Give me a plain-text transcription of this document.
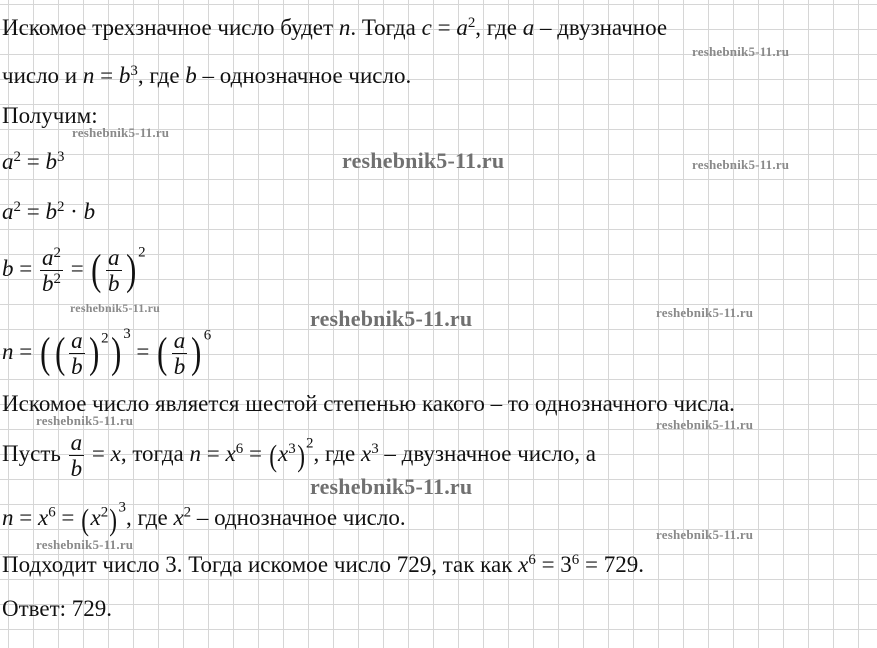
Искомое трехзначное число будет n. Тогда $c = a^2$, где a – двузначное
число и $n = b^3$, где b – однозначное число.
Получим:
$a^2 = b^3$
$a^2 = b^2 \cdot b$
$b = \frac{a^2}{b^2}$ = ( $\frac{a}{b}$ ) $^2$
n = (( $\frac{a}{b}$ ) $^2$) $^3$ = ( $\frac{a}{b}$ ) $^6$
Искомое число является шестой степенью какого – то однозначного числа.
Пусть $\frac{a}{b} = x$, тогда $n = x^6 = (x^3)^2$, где $x^3$ – двузначное число, а
$n = x^6 = (x^2)^3$, где $x^2$ – однозначное число.
Подходит число 3. Тогда искомое число 729, так как $x^6 = 3^6 = 729$.
Ответ: 729.
reshebnik5-11.ru
reshebnik5-11.ru
reshebnik5-11.ru	reshebnik5-11.ru
reshebnik5-11.ru	reshebnik5-11.ru	reshebnik5-11.ru
reshebnik5-11.ru	reshebnik5-11.ru
reshebnik5-11.ru
reshebnik5-11.ru
reshebnik5-11.ru
